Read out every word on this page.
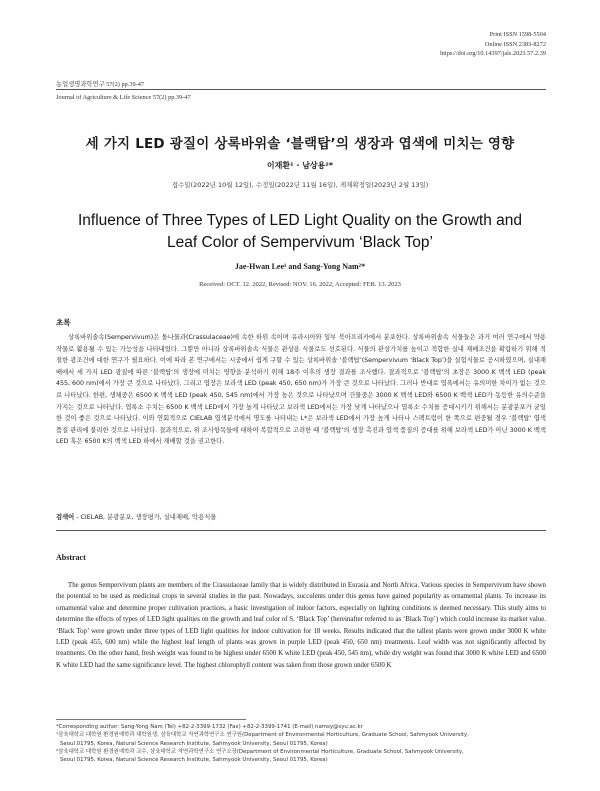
Print ISSN 1598-5504
Online ISSN 2383-8272
https://doi.org/10.14397/jals.2023.57.2.39
농업생명과학연구 57(2) pp.39-47
Journal of Agriculture & Life Science 57(2) pp.39-47
세 가지 LED 광질이 상록바위솔 ‘블랙탑’의 생장과 엽색에 미치는 영향
이재환¹ · 남상용²*
접수일(2022년 10월 12일), 수정일(2022년 11월 16일), 게재확정일(2023년 2월 13일)
Influence of Three Types of LED Light Quality on the Growth and
Leaf Color of Sempervivum ‘Black Top’
Jae-Hwan Lee¹ and Sang-Yong Nam²*
Received: OCT. 12. 2022, Revised: NOV. 16. 2022, Accepted: FEB. 13. 2023
초록

상록바위솔속(Sempervivum)은 돌나물과(Crassulaceae)에 속한 하위 속이며 유라시아와 일부 북아프리카에서 분포한다. 상록바위솔속 식물들은 과거 여러 연구에서 약용작물로 활용될 수 있는 가능성을 나타내었다. 그뿐만 아니라 상록바위솔속 식물은 관상용 식물로도 선호된다. 식물의 관상가치를 높이고 적합한 실내 재배조건을 확립하기 위해 적절한 광조건에 대한 연구가 필요하다. 이에 따라 본 연구에서는 시중에서 쉽게 구할 수 있는 상록바위솔 ‘블랙탑’(Sempervivum ‘Black Top’)을 실험식물로 공시하였으며, 실내재배에서 세 가지 LED 광질에 따른 ‘블랙탑’의 생장에 미치는 영향을 분석하기 위해 18주 이후의 생장 결과를 조사했다. 결과적으로 ‘블랙탑’의 초장은 3000 K 백색 LED (peak 455, 600 nm)에서 가장 큰 것으로 나타났다. 그리고 엽장은 보라색 LED (peak 450, 650 nm)가 가장 큰 것으로 나타났다. 그러나 반대로 엽폭에서는 유의미한 차이가 없는 것으로 나타났다. 한편, 생체중은 6500 K 백색 LED (peak 450, 545 nm)에서 가장 높은 것으로 나타났으며 건물중은 3000 K 백색 LED와 6500 K 백색 LED가 동등한 유의수준을 가지는 것으로 나타났다. 엽록소 수치는 6500 K 백색 LED에서 가장 높게 나타났고 보라색 LED에서는 가장 낮게 나타났으나 엽록소 수치를 증대시키기 위해서는 분광분포가 균일한 것이 좋은 것으로 나타났다. 이와 연회적으로 CIELAB 엽색분석에서 명도를 나타내는 L*은 보라색 LED에서 가장 높게 나타나 스펙트럼이 한 쪽으로 편중될 경우 ‘블랙탑’ 엽색 품질 관리에 불리한 것으로 나타났다. 결과적으로, 위 조사항목들에 대하여 복합적으로 고려한 때 ‘블랙탑’의 생장 촉진과 엽색 품질의 증대를 위해 보라색 LED가 아닌 3000 K 백색 LED 혹은 6500 K의 백색 LED 하에서 재배할 것을 권고한다.

검색어 - CIELAB, 분광분포, 생장평가, 실내재배, 악용식물
Abstract

The genus Sempervivum plants are members of the Crassulaceae family that is widely distributed in Eurasia and North Africa. Various species in Sempervivum have shown the potential to be used as medicinal crops in several studies in the past. Nowadays, succulents under this genus have gained popularity as ornamental plants. To increase its ornamental value and determine proper cultivation practices, a basic investigation of indoor factors, especially on lighting conditions is deemed necessary. This study aims to determine the effects of types of LED light qualities on the growth and leaf color of S. ‘Black Top’ (hereinafter referred to as ‘Black Top’) which could increase its market value. ‘Black Top’ were grown under three types of LED light qualities for indoor cultivation for 18 weeks. Results indicated that the tallest plants were grown under 3000 K white LED (peak 455, 600 nm) while the highest leaf length of plants was grown in purple LED (peak 450, 650 nm) treatments. Leaf width was not significantly affected by treatments. On the other hand, fresh weight was found to be highest under 6500 K white LED (peak 450, 545 nm), while dry weight was found that 3000 K white LED and 6500 K white LED had the same significance level. The highest chlorophyll content was taken from those grown under 6500 K

*Corresponding author: Sang-Yong Nam (Tel) +82-2-3399-1732 (Fax) +82-2-3399-1741 (E-mail) namsy@syu.ac.kr
¹삼육대학교 대학원 환경원예학과 대학원생, 삼육대학교 자연과학연구소 연구원(Department of Environmental Horticulture, Graduate School, Sahmyook University,
Seoul 01795, Korea, Natural Science Research Institute, Sahmyook University, Seoul 01795, Korea)
²삼육대학교 대학원 환경원예학과 교수, 삼육대학교 자연과학연구소 연구소장(Department of Environmental Horticulture, Graduate School, Sahmyook University,
Seoul 01795, Korea, Natural Science Research Institute, Sahmyook University, Seoul 01795, Korea)
